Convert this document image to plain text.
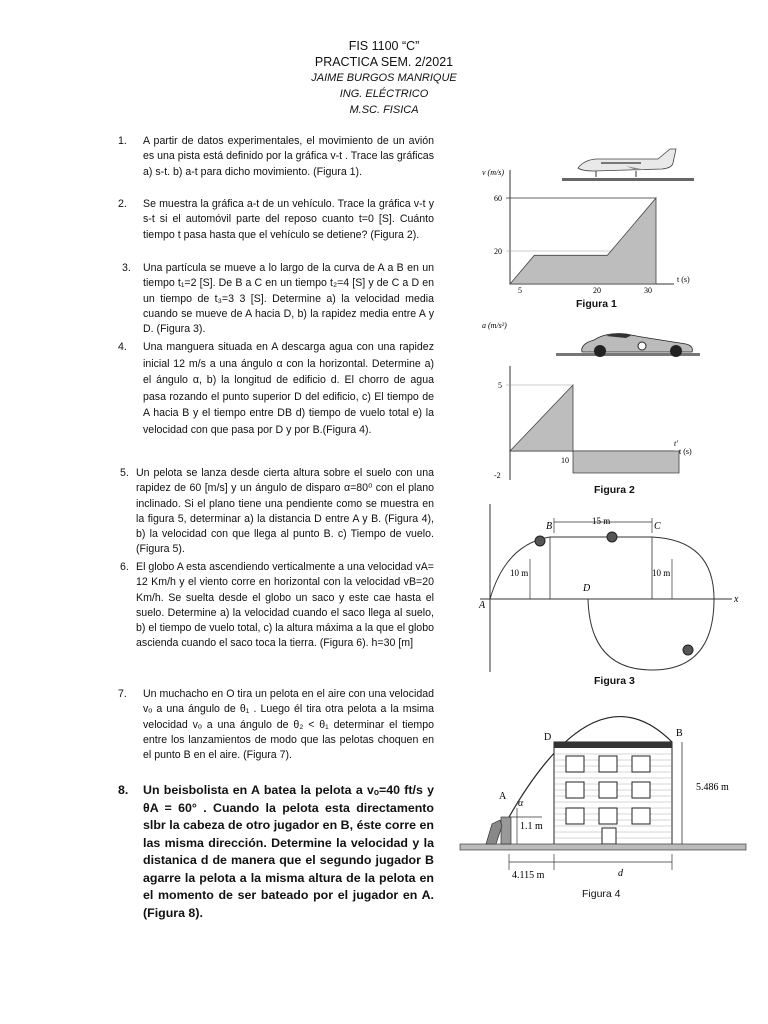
FIS 1100 “C”
PRACTICA SEM. 2/2021
JAIME BURGOS MANRIQUE
ING. ELÉCTRICO
M.SC. FISICA
1.	A partir de datos experimentales, el movimiento de un avión es una pista está definido por la gráfica v-t . Trace las gráficas a) s-t. b) a-t para dicho movimiento. (Figura 1).
2.	Se muestra la gráfica a-t de un vehículo. Trace la gráfica v-t y s-t si el automóvil parte del reposo cuanto t=0 [S]. Cuánto tiempo t pasa hasta que el vehículo se detiene? (Figura 2).
3.	Una partícula se mueve a lo largo de la curva de A a B en un tiempo t₁=2 [S]. De B a C en un tiempo t₂=4 [S] y de C a D en un tiempo de t₃=3 3 [S]. Determine a) la velocidad media cuando se mueve de A hacia D, b) la rapidez media entre A y D. (Figura 3).
4.	Una manguera situada en A descarga agua con una rapidez inicial 12 m/s a una ángulo α con la horizontal. Determine a) el ángulo α, b) la longitud de edificio d. El chorro de agua pasa rozando el punto superior D del edificio, c) El tiempo de A hacia B y el tiempo entre DB d) tiempo de vuelo total e) la velocidad con que pasa por D y por B.(Figura 4).
5. Un pelota se lanza desde cierta altura sobre el suelo con una rapidez de 60 [m/s] y un ángulo de disparo α=80⁰ con el plano inclinado. Si el plano tiene una pendiente como se muestra en la figura 5, determinar a) la distancia D entre A y B. (Figura 4), b) la velocidad con que llega al punto B. c) Tiempo de vuelo. (Figura 5).
6. El globo A esta ascendiendo verticalmente a una velocidad vA= 12 Km/h y el viento corre en horizontal con la velocidad vB=20 Km/h. Se suelta desde el globo un saco y este cae hasta el suelo. Determine a) la velocidad cuando el saco llega al suelo, b) el tiempo de vuelo total, c) la altura máxima a la que el globo ascienda cuando el saco toca la tierra. (Figura 6). h=30 [m]
7.	Un muchacho en O tira un pelota en el aire con una velocidad vₒ a una ángulo de θ₁ . Luego él tira otra pelota a la msima velocidad vₒ a una ángulo de θ₂ < θ₁ determinar el tiempo entre los lanzamientos de modo que las pelotas choquen en el punto B en el aire. (Figura 7).
8.	Un beisbolista en A batea la pelota a vₒ=40 ft/s y θA = 60° . Cuando la pelota esta directamento slbr la cabeza de otro jugador en B, éste corre en las misma dirección. Determine la velocidad y la distanica d de manera que el segundo jugador B agarre la pelota a la misma altura de la pelota en el momento de ser bateado por el jugador en A. (Figura 8).
v (m/s)
60
20
5	20	30
t (s)
Figura 1
5
-2
10
t′
t (s)
a (m/s²)
Figura 2
A
B	C
D
x
15 m
10 m	10 m
Figura 3
A
D	B
α
1.1 m
5.486 m
4.115 m	d
Figura 4
